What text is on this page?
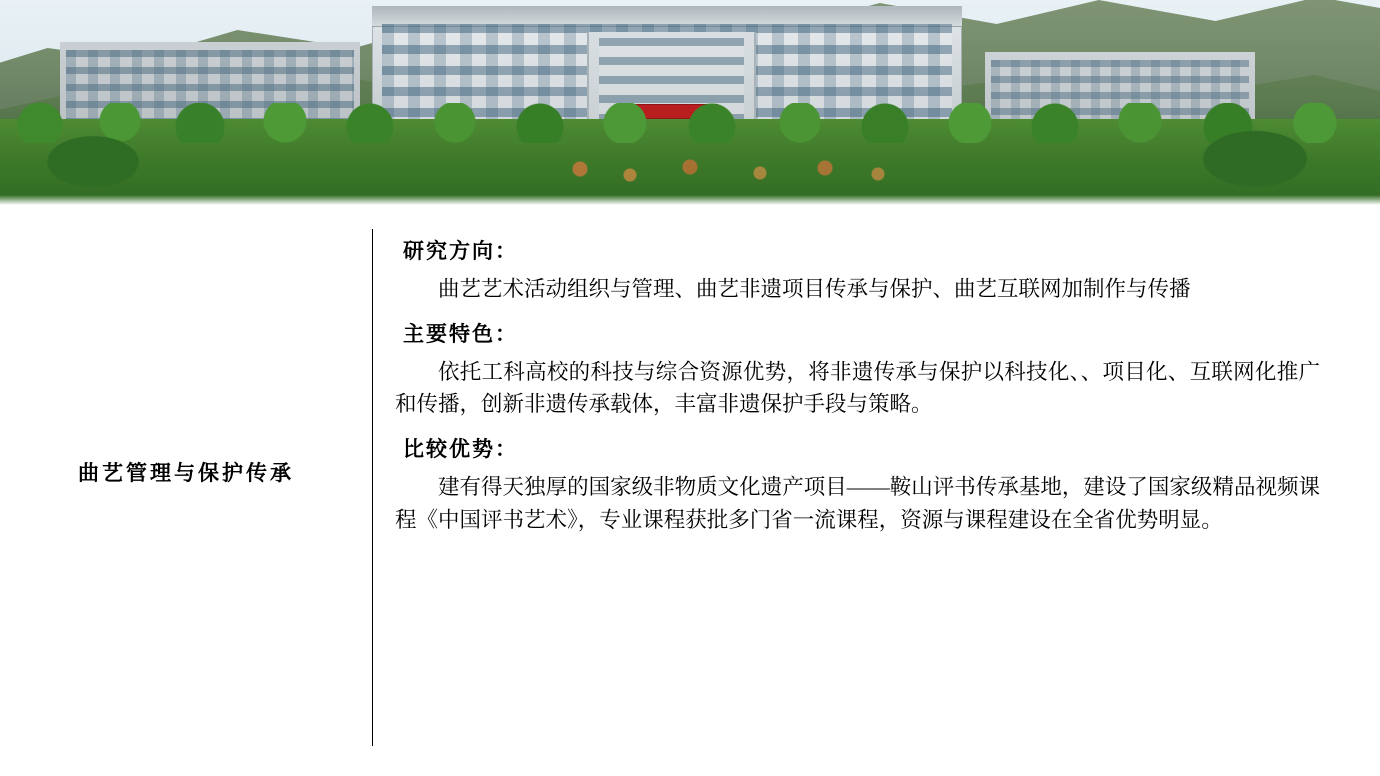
曲艺管理与保护传承
研究方向：

曲艺艺术活动组织与管理、曲艺非遗项目传承与保护、曲艺互联网加制作与传播

主要特色：

依托工科高校的科技与综合资源优势，将非遗传承与保护以科技化、、项目化、互联网化推广和传播，创新非遗传承载体，丰富非遗保护手段与策略。

比较优势：

建有得天独厚的国家级非物质文化遗产项目——鞍山评书传承基地，建设了国家级精品视频课程《中国评书艺术》，专业课程获批多门省一流课程，资源与课程建设在全省优势明显。
